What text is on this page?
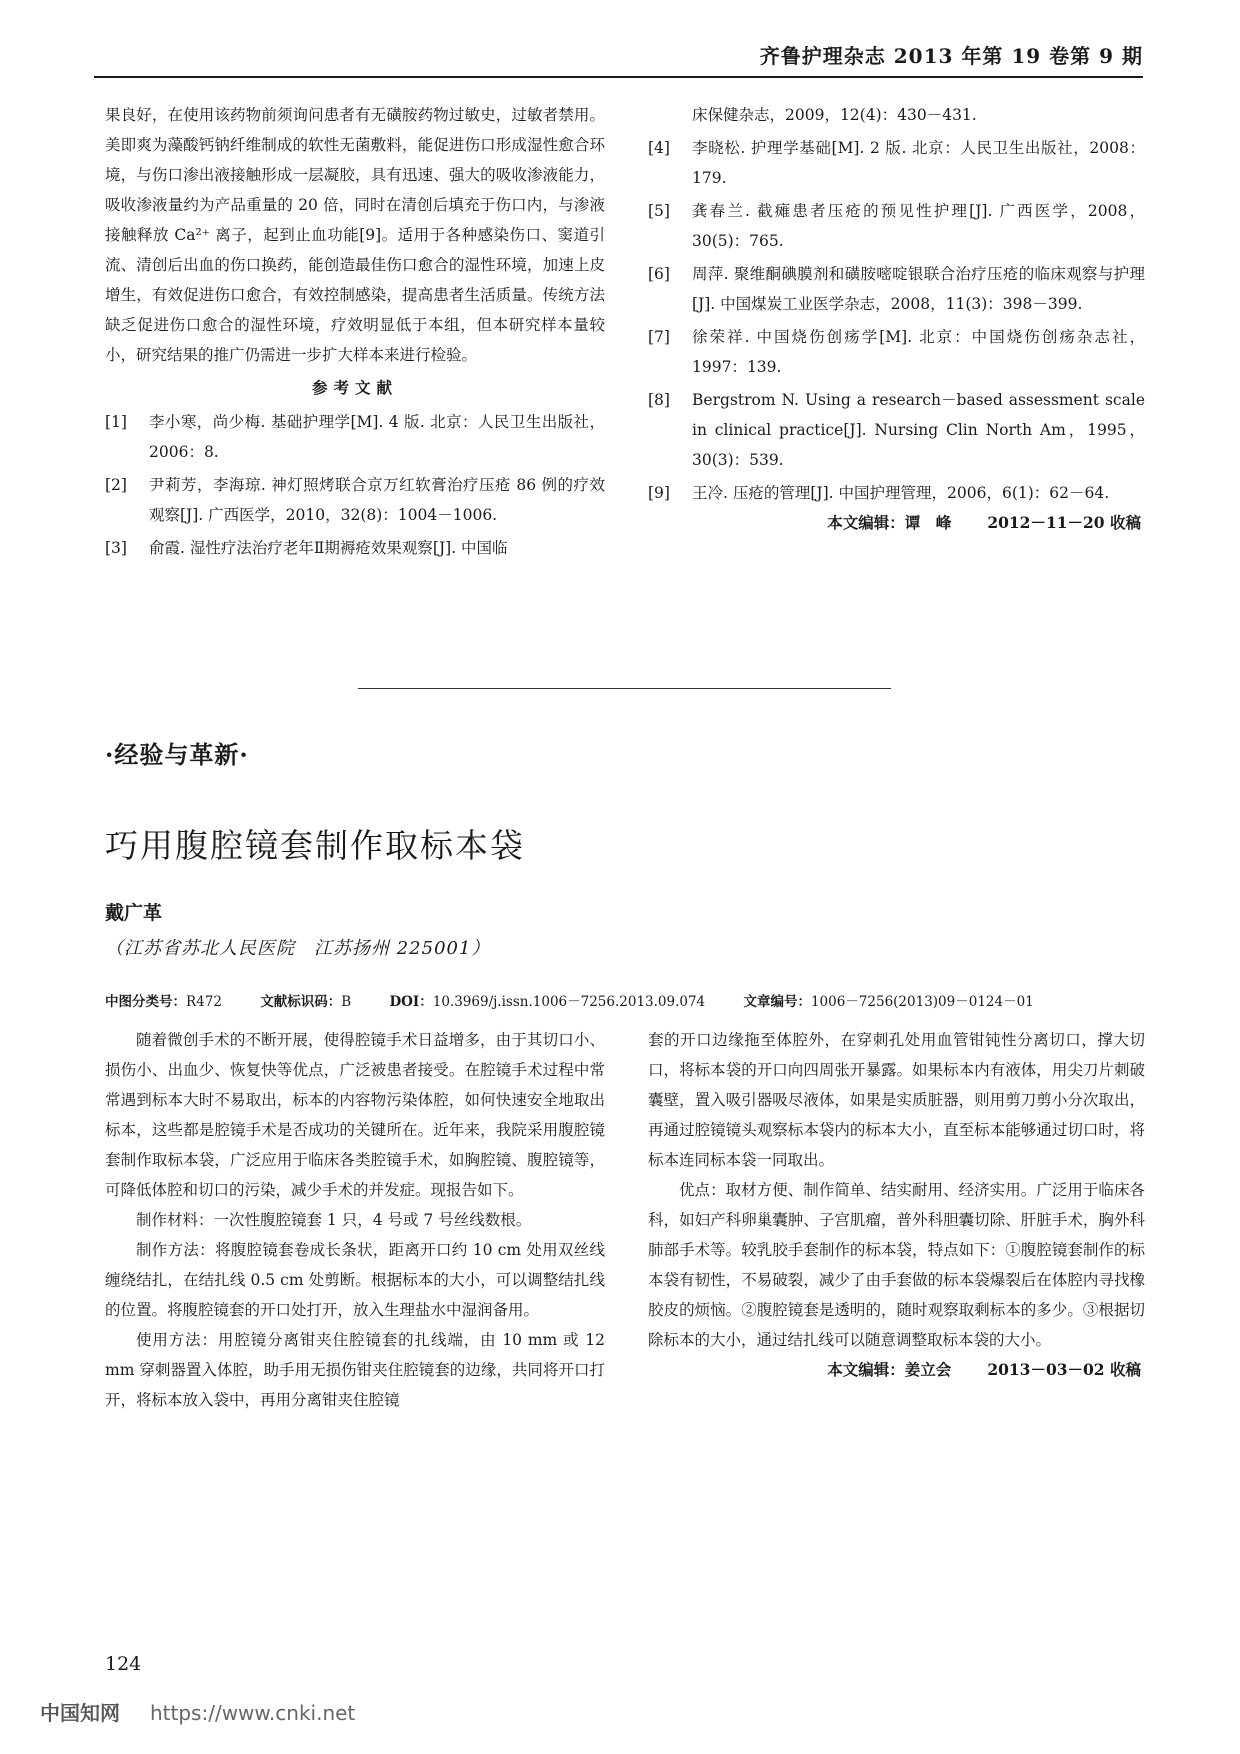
齐鲁护理杂志 2013 年第 19 卷第 9 期

果良好，在使用该药物前须询问患者有无磺胺药物过敏史，过敏者禁用。美即爽为藻酸钙钠纤维制成的软性无菌敷料，能促进伤口形成湿性愈合环境，与伤口渗出液接触形成一层凝胶，具有迅速、强大的吸收渗液能力，吸收渗液量约为产品重量的 20 倍，同时在清创后填充于伤口内，与渗液接触释放 Ca²⁺ 离子，起到止血功能[9]。适用于各种感染伤口、窦道引流、清创后出血的伤口换药，能创造最佳伤口愈合的湿性环境，加速上皮增生，有效促进伤口愈合，有效控制感染，提高患者生活质量。传统方法缺乏促进伤口愈合的湿性环境，疗效明显低于本组，但本研究样本量较小，研究结果的推广仍需进一步扩大样本来进行检验。

参考文献
[1] 李小寒，尚少梅. 基础护理学[M]. 4 版. 北京：人民卫生出版社，2006：8.
[2] 尹莉芳，李海琼. 神灯照烤联合京万红软膏治疗压疮 86 例的疗效观察[J]. 广西医学，2010，32(8)：1004－1006.
[3] 俞霞. 湿性疗法治疗老年Ⅱ期褥疮效果观察[J]. 中国临
床保健杂志，2009，12(4)：430－431.
[4] 李晓松. 护理学基础[M]. 2 版. 北京：人民卫生出版社，2008：179.
[5] 龚春兰. 截瘫患者压疮的预见性护理[J]. 广西医学，2008，30(5)：765.
[6] 周萍. 聚维酮碘膜剂和磺胺嘧啶银联合治疗压疮的临床观察与护理[J]. 中国煤炭工业医学杂志，2008，11(3)：398－399.
[7] 徐荣祥. 中国烧伤创疡学[M]. 北京：中国烧伤创疡杂志社，1997：139.
[8] Bergstrom N. Using a research－based assessment scale in clinical practice[J]. Nursing Clin North Am，1995，30(3)：539.
[9] 王冷. 压疮的管理[J]. 中国护理管理，2006，6(1)：62－64.
本文编辑：谭　峰 2012－11－20 收稿
·经验与革新·
巧用腹腔镜套制作取标本袋
戴广革
（江苏省苏北人民医院　江苏扬州 225001）
中图分类号：R472	文献标识码：B	DOI：10.3969/j.issn.1006－7256.2013.09.074	文章编号：1006－7256(2013)09－0124－01

随着微创手术的不断开展，使得腔镜手术日益增多，由于其切口小、损伤小、出血少、恢复快等优点，广泛被患者接受。在腔镜手术过程中常常遇到标本大时不易取出，标本的内容物污染体腔，如何快速安全地取出标本，这些都是腔镜手术是否成功的关键所在。近年来，我院采用腹腔镜套制作取标本袋，广泛应用于临床各类腔镜手术，如胸腔镜、腹腔镜等，可降低体腔和切口的污染，减少手术的并发症。现报告如下。

制作材料：一次性腹腔镜套 1 只，4 号或 7 号丝线数根。

制作方法：将腹腔镜套卷成长条状，距离开口约 10 cm 处用双丝线缠绕结扎，在结扎线 0.5 cm 处剪断。根据标本的大小，可以调整结扎线的位置。将腹腔镜套的开口处打开，放入生理盐水中湿润备用。

使用方法：用腔镜分离钳夹住腔镜套的扎线端，由 10 mm 或 12 mm 穿刺器置入体腔，助手用无损伤钳夹住腔镜套的边缘，共同将开口打开，将标本放入袋中，再用分离钳夹住腔镜

套的开口边缘拖至体腔外，在穿刺孔处用血管钳钝性分离切口，撑大切口，将标本袋的开口向四周张开暴露。如果标本内有液体，用尖刀片刺破囊壁，置入吸引器吸尽液体，如果是实质脏器，则用剪刀剪小分次取出，再通过腔镜镜头观察标本袋内的标本大小，直至标本能够通过切口时，将标本连同标本袋一同取出。

优点：取材方便、制作简单、结实耐用、经济实用。广泛用于临床各科，如妇产科卵巢囊肿、子宫肌瘤，普外科胆囊切除、肝脏手术，胸外科肺部手术等。较乳胶手套制作的标本袋，特点如下：①腹腔镜套制作的标本袋有韧性，不易破裂，减少了由手套做的标本袋爆裂后在体腔内寻找橡胶皮的烦恼。②腹腔镜套是透明的，随时观察取剩标本的多少。③根据切除标本的大小，通过结扎线可以随意调整取标本袋的大小。

本文编辑：姜立会 2013－03－02 收稿
124
中国知网 https://www.cnki.net
